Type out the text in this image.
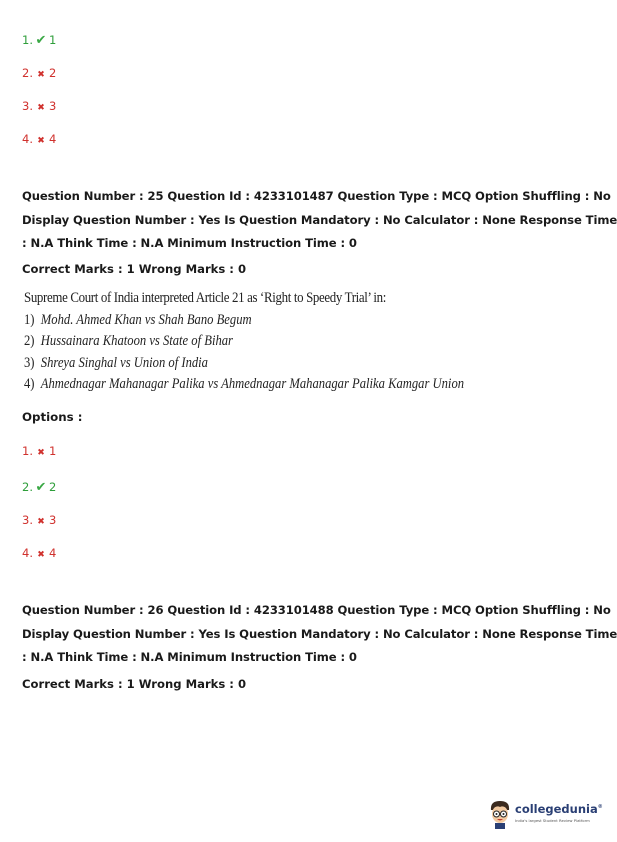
1. ✔ 1
2. ✖ 2
3. ✖ 3
4. ✖ 4
Question Number : 25 Question Id : 4233101487 Question Type : MCQ Option Shuffling : No
Display Question Number : Yes Is Question Mandatory : No Calculator : None Response Time
: N.A Think Time : N.A Minimum Instruction Time : 0
Correct Marks : 1 Wrong Marks : 0
Supreme Court of India interpreted Article 21 as ‘Right to Speedy Trial’ in:
1) Mohd. Ahmed Khan vs Shah Bano Begum
2) Hussainara Khatoon vs State of Bihar
3) Shreya Singhal vs Union of India
4) Ahmednagar Mahanagar Palika vs Ahmednagar Mahanagar Palika Kamgar Union
Options :
1. ✖ 1
2. ✔ 2
3. ✖ 3
4. ✖ 4
Question Number : 26 Question Id : 4233101488 Question Type : MCQ Option Shuffling : No
Display Question Number : Yes Is Question Mandatory : No Calculator : None Response Time
: N.A Think Time : N.A Minimum Instruction Time : 0
Correct Marks : 1 Wrong Marks : 0
collegedunia®
India's largest Student Review Platform
